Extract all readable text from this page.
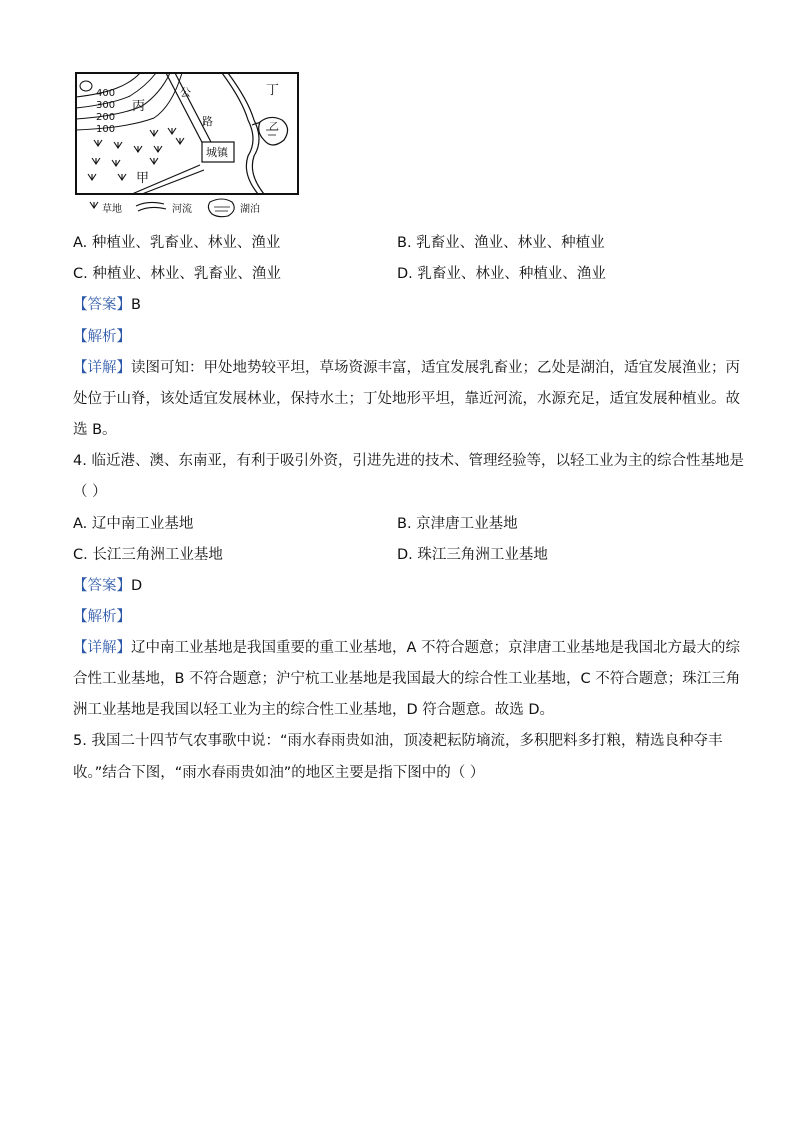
400
300
200
100
丙
公
路
城镇
乙
丁
甲
草地	河流	湖泊
A. 种植业、乳畜业、林业、渔业	B. 乳畜业、渔业、林业、种植业
C. 种植业、林业、乳畜业、渔业	D. 乳畜业、林业、种植业、渔业
【答案】B
【解析】
【详解】读图可知：甲处地势较平坦，草场资源丰富，适宜发展乳畜业；乙处是湖泊，适宜发展渔业；丙
处位于山脊，该处适宜发展林业，保持水土；丁处地形平坦，靠近河流，水源充足，适宜发展种植业。故
选 B。
4. 临近港、澳、东南亚，有利于吸引外资，引进先进的技术、管理经验等，以轻工业为主的综合性基地是
（ ）
A. 辽中南工业基地	B. 京津唐工业基地
C. 长江三角洲工业基地	D. 珠江三角洲工业基地
【答案】D
【解析】
【详解】辽中南工业基地是我国重要的重工业基地，A 不符合题意；京津唐工业基地是我国北方最大的综
合性工业基地，B 不符合题意；沪宁杭工业基地是我国最大的综合性工业基地，C 不符合题意；珠江三角
洲工业基地是我国以轻工业为主的综合性工业基地，D 符合题意。故选 D。
5. 我国二十四节气农事歌中说：“雨水春雨贵如油，顶凌耙耘防墒流，多积肥料多打粮，精选良种夺丰
收。”结合下图，“雨水春雨贵如油”的地区主要是指下图中的（ ）
